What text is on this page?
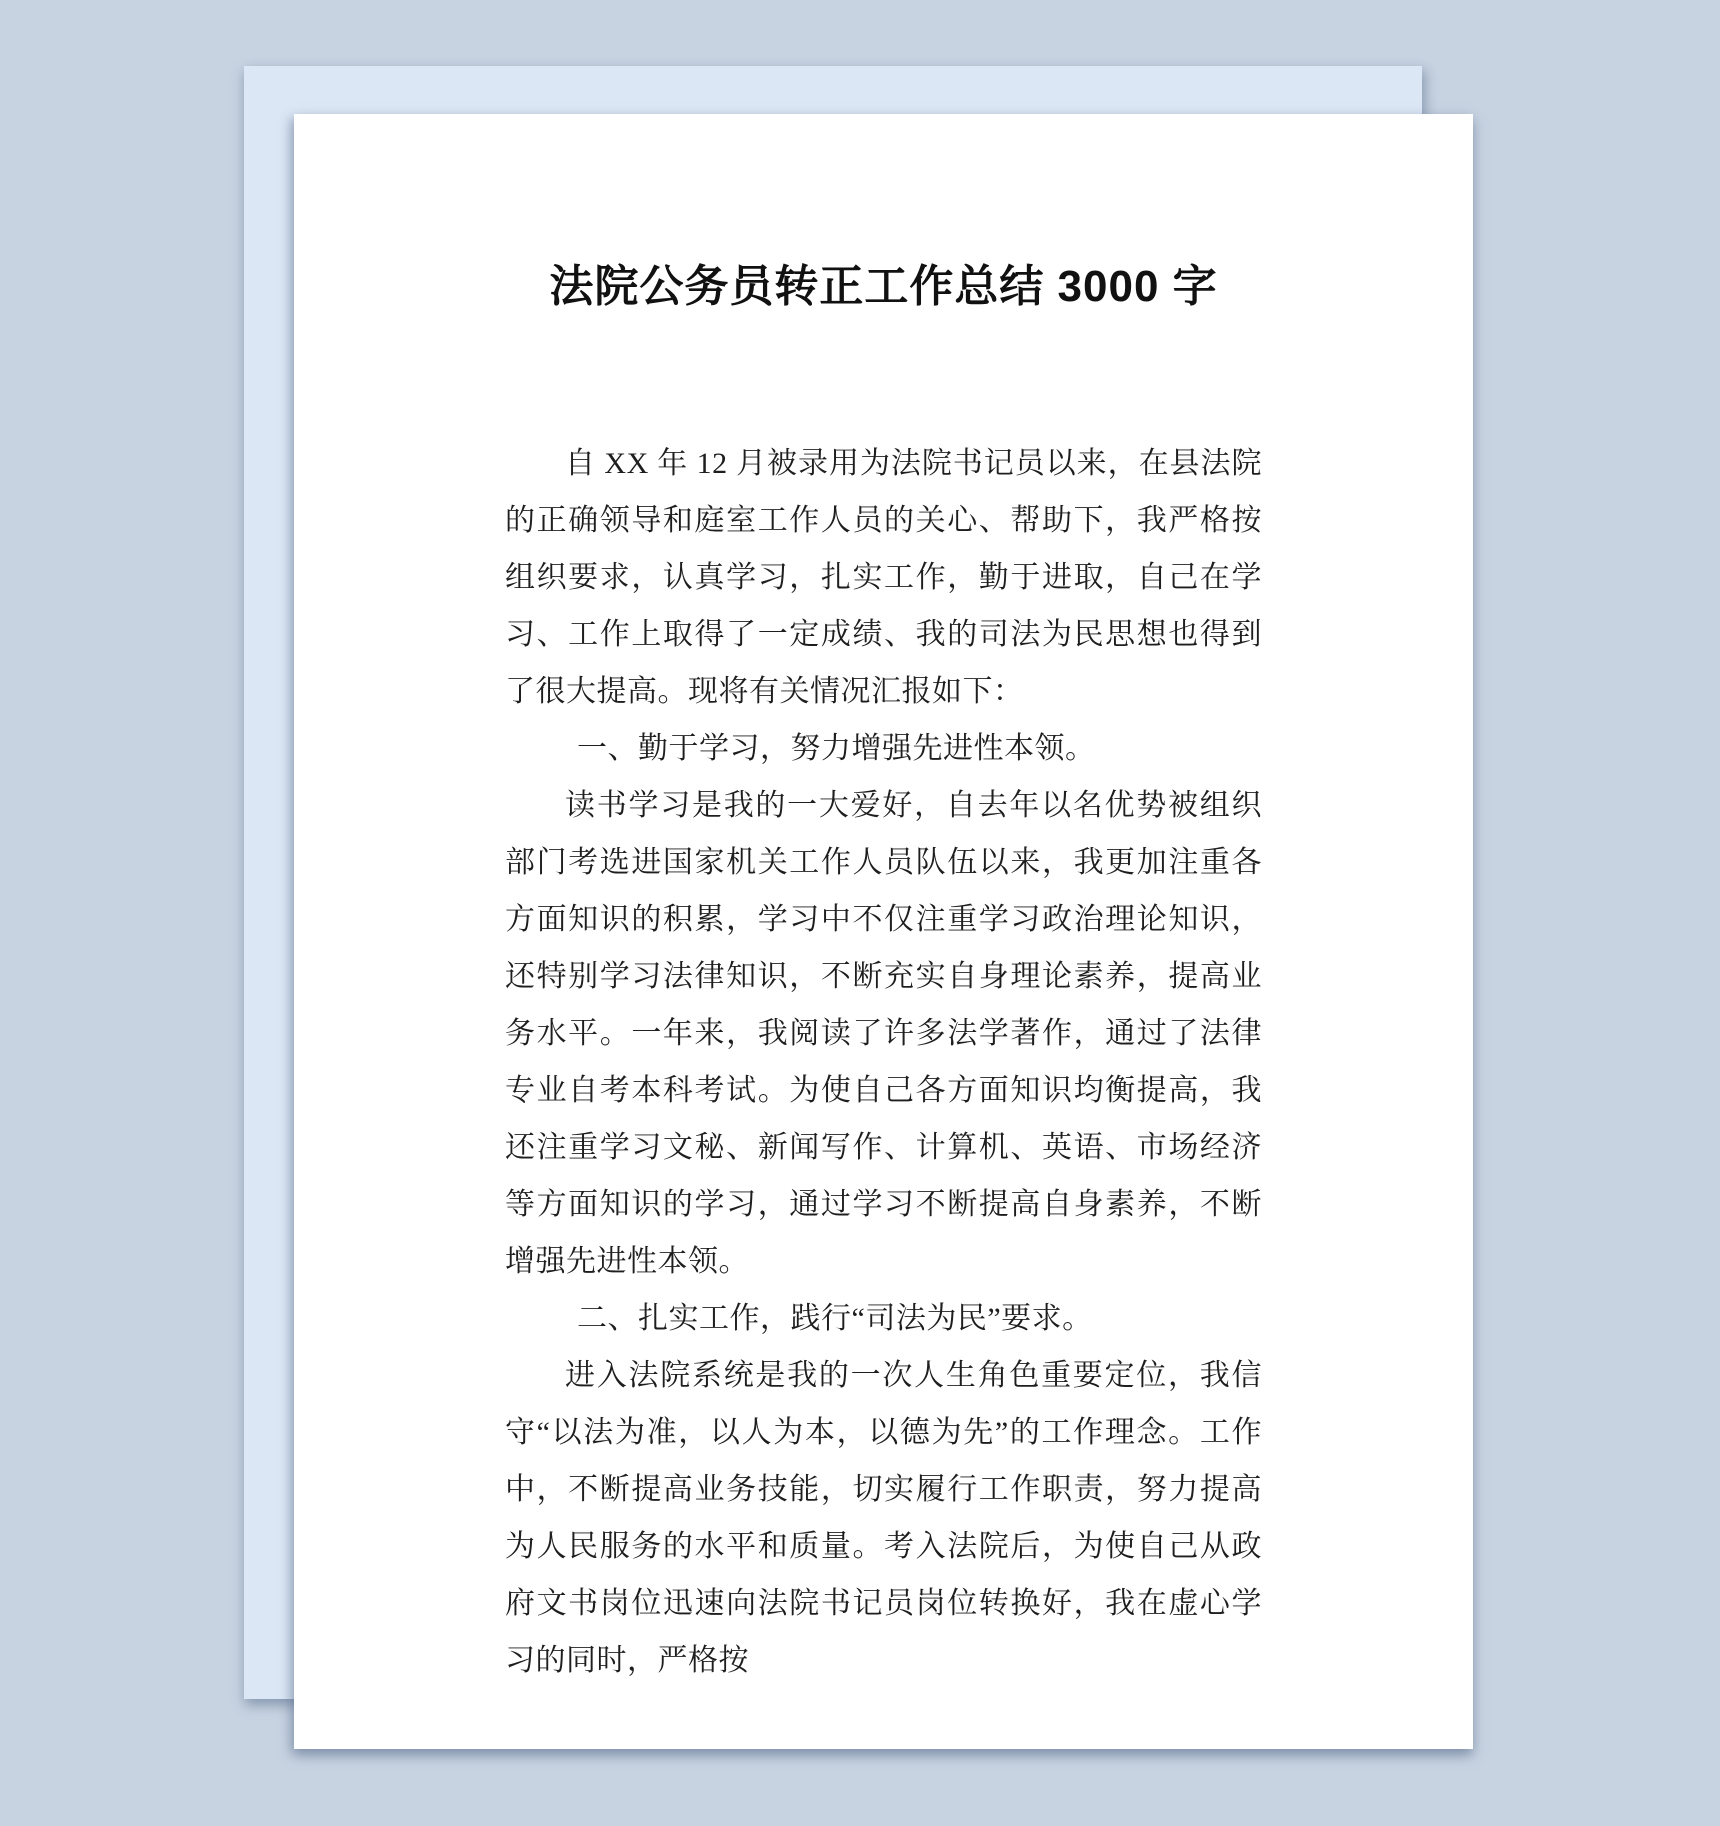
法院公务员转正工作总结 3000 字

自 XX 年 12 月被录用为法院书记员以来，在县法院的正确领导和庭室工作人员的关心、帮助下，我严格按组织要求，认真学习，扎实工作，勤于进取，自己在学习、工作上取得了一定成绩、我的司法为民思想也得到了很大提高。现将有关情况汇报如下：

一、勤于学习，努力增强先进性本领。

读书学习是我的一大爱好，自去年以名优势被组织部门考选进国家机关工作人员队伍以来，我更加注重各方面知识的积累，学习中不仅注重学习政治理论知识，还特别学习法律知识，不断充实自身理论素养，提高业务水平。一年来，我阅读了许多法学著作，通过了法律专业自考本科考试。为使自己各方面知识均衡提高，我还注重学习文秘、新闻写作、计算机、英语、市场经济等方面知识的学习，通过学习不断提高自身素养，不断增强先进性本领。

二、扎实工作，践行“司法为民”要求。

进入法院系统是我的一次人生角色重要定位，我信守“以法为准，以人为本，以德为先”的工作理念。工作中，不断提高业务技能，切实履行工作职责，努力提高为人民服务的水平和质量。考入法院后，为使自己从政府文书岗位迅速向法院书记员岗位转换好，我在虚心学习的同时，严格按
